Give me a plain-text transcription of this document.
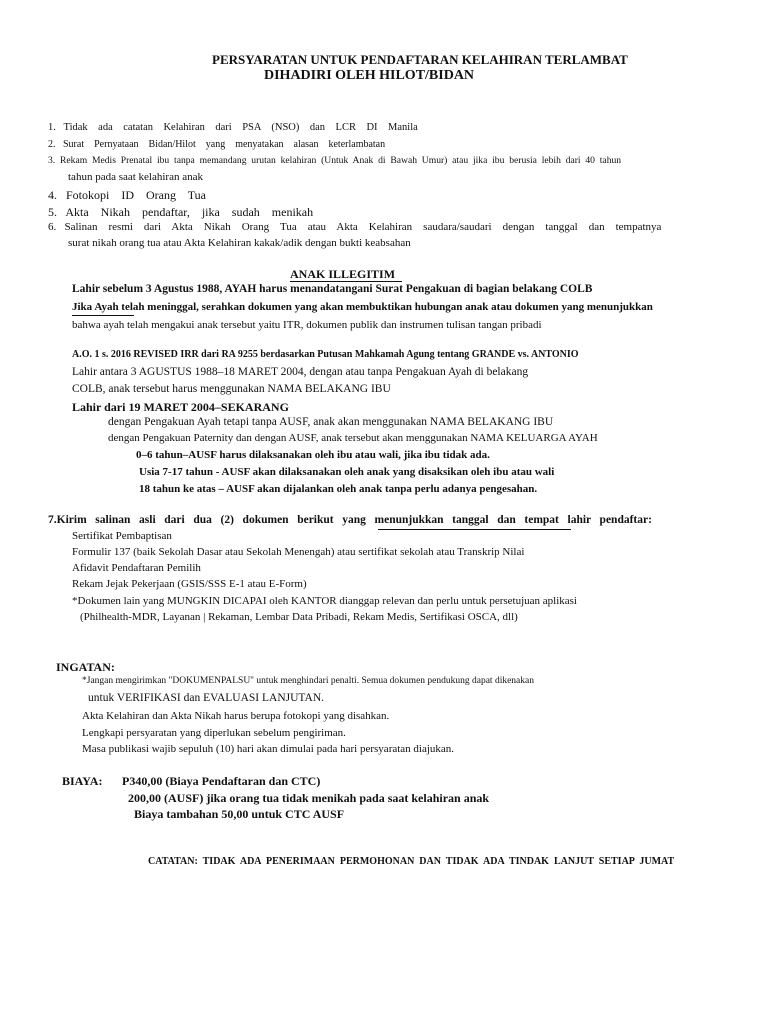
PERSYARATAN UNTUK PENDAFTARAN KELAHIRAN TERLAMBAT
DIHADIRI OLEH HILOT/BIDAN
1.   Tidak    ada    catatan    Kelahiran    dari    PSA    (NSO)    dan    LCR    DI    Manila
2.   Surat    Pernyataan    Bidan/Hilot    yang    menyatakan    alasan    keterlambatan
3.  Rekam  Medis  Prenatal  ibu  tanpa  memandang  urutan  kelahiran  (Untuk  Anak  di  Bawah  Umur)  atau  jika  ibu  berusia  lebih  dari  40  tahun
tahun pada saat kelahiran anak
4.   Fotokopi    ID    Orang    Tua
5.   Akta    Nikah    pendaftar,    jika    sudah    menikah
6.   Salinan    resmi    dari    Akta    Nikah    Orang    Tua    atau    Akta    Kelahiran    saudara/saudari    dengan    tanggal    dan    tempatnya
surat nikah orang tua atau Akta Kelahiran kakak/adik dengan bukti keabsahan
ANAK ILLEGITIM
Lahir sebelum 3 Agustus 1988, AYAH harus menandatangani Surat Pengakuan di bagian belakang COLB
Jika Ayah telah meninggal, serahkan dokumen yang akan membuktikan hubungan anak atau dokumen yang menunjukkan
bahwa ayah telah mengakui anak tersebut yaitu ITR, dokumen publik dan instrumen tulisan tangan pribadi
A.O. 1 s. 2016 REVISED IRR dari RA 9255 berdasarkan Putusan Mahkamah Agung tentang GRANDE vs. ANTONIO
Lahir antara 3 AGUSTUS 1988–18 MARET 2004, dengan atau tanpa Pengakuan Ayah di belakang
COLB, anak tersebut harus menggunakan NAMA BELAKANG IBU
Lahir dari 19 MARET 2004–SEKARANG
dengan Pengakuan Ayah tetapi tanpa AUSF, anak akan menggunakan NAMA BELAKANG IBU
dengan Pengakuan Paternity dan dengan AUSF, anak tersebut akan menggunakan NAMA KELUARGA AYAH
0–6 tahun–AUSF harus dilaksanakan oleh ibu atau wali, jika ibu tidak ada.
Usia 7-17 tahun - AUSF akan dilaksanakan oleh anak yang disaksikan oleh ibu atau wali
18 tahun ke atas – AUSF akan dijalankan oleh anak tanpa perlu adanya pengesahan.
7.Kirim   salinan   asli   dari   dua   (2)   dokumen   berikut   yang   menunjukkan   tanggal   dan   tempat   lahir   pendaftar:
Sertifikat Pembaptisan
Formulir 137 (baik Sekolah Dasar atau Sekolah Menengah) atau sertifikat sekolah atau Transkrip Nilai
Afidavit Pendaftaran Pemilih
Rekam Jejak Pekerjaan (GSIS/SSS E-1 atau E-Form)
*Dokumen lain yang MUNGKIN DICAPAI oleh KANTOR dianggap relevan dan perlu untuk persetujuan aplikasi
(Philhealth-MDR, Layanan | Rekaman, Lembar Data Pribadi, Rekam Medis, Sertifikasi OSCA, dll)
INGATAN:
*Jangan mengirimkan "DOKUMENPALSU" untuk menghindari penalti. Semua dokumen pendukung dapat dikenakan
untuk VERIFIKASI dan EVALUASI LANJUTAN.
Akta Kelahiran dan Akta Nikah harus berupa fotokopi yang disahkan.
Lengkapi persyaratan yang diperlukan sebelum pengiriman.
Masa publikasi wajib sepuluh (10) hari akan dimulai pada hari persyaratan diajukan.
BIAYA: P340,00 (Biaya Pendaftaran dan CTC)
200,00 (AUSF) jika orang tua tidak menikah pada saat kelahiran anak
Biaya tambahan 50,00 untuk CTC AUSF
CATATAN:  TIDAK  ADA  PENERIMAAN  PERMOHONAN  DAN  TIDAK  ADA  TINDAK  LANJUT  SETIAP  JUMAT
